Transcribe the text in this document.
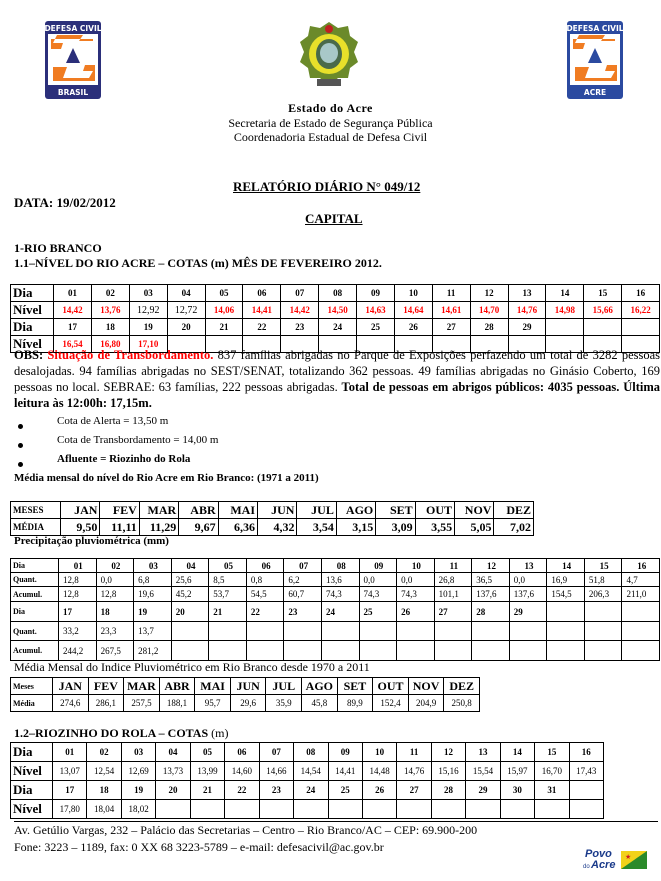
DEFESA CIVIL
BRASIL
DEFESA CIVIL
ACRE
Estado do Acre
Secretaria de Estado de Segurança Pública
Coordenadoria Estadual de Defesa Civil
RELATÓRIO DIÁRIO N° 049/12
DATA: 19/02/2012
CAPITAL
1-RIO BRANCO
1.1–NÍVEL DO RIO ACRE – COTAS (m) MÊS DE FEVEREIRO 2012.
Dia	01	02	03	04	05	06	07	08	09	10	11	12	13	14	15	16
Nível	14,42	13,76	12,92	12,72	14,06	14,41	14,42	14,50	14,63	14,64	14,61	14,70	14,76	14,98	15,66	16,22
Dia	17	18	19	20	21	22	23	24	25	26	27	28	29			
Nível	16,54	16,80	17,10													
OBS: Situação de Transbordamento. 837 famílias abrigadas no Parque de Exposições perfazendo um total de 3282 pessoas desalojadas. 94 famílias abrigadas no SEST/SENAT, totalizando 362 pessoas. 49 famílias abrigadas no Ginásio Coberto, 169 pessoas no local. SEBRAE: 63 famílias, 222 pessoas abrigadas. Total de pessoas em abrigos públicos: 4035 pessoas. Última leitura às 12:00h: 17,15m.
Cota de Alerta = 13,50 m
Cota de Transbordamento = 14,00 m
Afluente = Riozinho do Rola
Média mensal do nível do Rio Acre em Rio Branco: (1971 a 2011)
MESES	JAN	FEV	MAR	ABR	MAI	JUN	JUL	AGO	SET	OUT	NOV	DEZ
MÉDIA	9,50	11,11	11,29	9,67	6,36	4,32	3,54	3,15	3,09	3,55	5,05	7,02
Precipitação pluviométrica (mm)
Dia	01	02	03	04	05	06	07	08	09	10	11	12	13	14	15	16
Quant.	12,8	0,0	6,8	25,6	8,5	0,8	6,2	13,6	0,0	0,0	26,8	36,5	0,0	16,9	51,8	4,7
Acumul.	12,8	12,8	19,6	45,2	53,7	54,5	60,7	74,3	74,3	74,3	101,1	137,6	137,6	154,5	206,3	211,0
Dia	17	18	19	20	21	22	23	24	25	26	27	28	29			
Quant.	33,2	23,3	13,7													
Acumul.	244,2	267,5	281,2													
Média Mensal do Indice Pluviométrico em Rio Branco desde 1970 a 2011
Meses	JAN	FEV	MAR	ABR	MAI	JUN	JUL	AGO	SET	OUT	NOV	DEZ
Média	274,6	286,1	257,5	188,1	95,7	29,6	35,9	45,8	89,9	152,4	204,9	250,8
1.2–RIOZINHO DO ROLA – COTAS (m)
Dia	01	02	03	04	05	06	07	08	09	10	11	12	13	14	15	16
Nível	13,07	12,54	12,69	13,73	13,99	14,60	14,66	14,54	14,41	14,48	14,76	15,16	15,54	15,97	16,70	17,43
Dia	17	18	19	20	21	22	23	24	25	26	27	28	29	30	31	
Nível	17,80	18,04	18,02													
Av. Getúlio Vargas, 232 – Palácio das Secretarias – Centro – Rio Branco/AC – CEP: 69.900-200
Fone: 3223 – 1189, fax: 0 XX 68 3223-5789 – e-mail: defesacivil@ac.gov.br	Povo
do Acre
★
